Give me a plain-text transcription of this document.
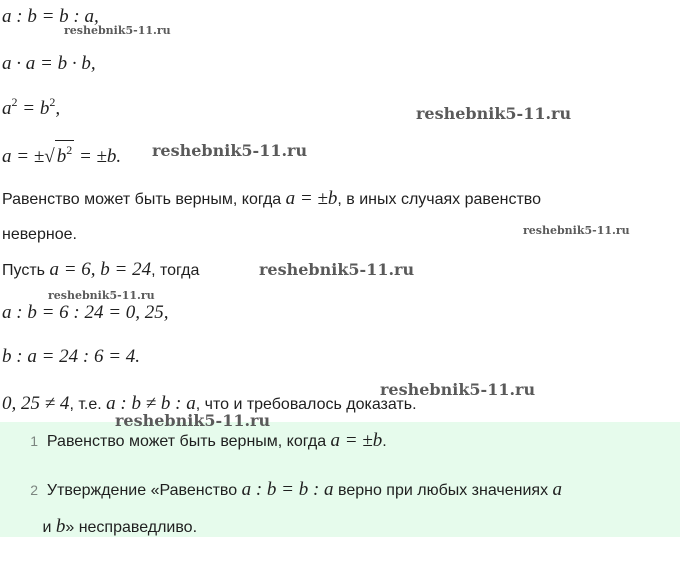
a : b = b : a,
a · a = b · b,
$a^2 = b^2$,
a = ±√ $b^2 = \pm b$.
Равенство может быть верным, когда a = ±b, в иных случаях равенство
неверное.
Пусть a = 6, b = 24, тогда
a : b = 6 : 24 = 0, 25,
b : a = 24 : 6 = 4.
0, 25 ≠ 4, т.е. a : b ≠ b : a, что и требовалось доказать.
1 Равенство может быть верным, когда a = ±b.
2 Утверждение «Равенство a : b = b : a верно при любых значениях a
и b» несправедливо.
reshebnik5-11.ru
reshebnik5-11.ru
reshebnik5-11.ru
reshebnik5-11.ru
reshebnik5-11.ru
reshebnik5-11.ru
reshebnik5-11.ru
reshebnik5-11.ru
